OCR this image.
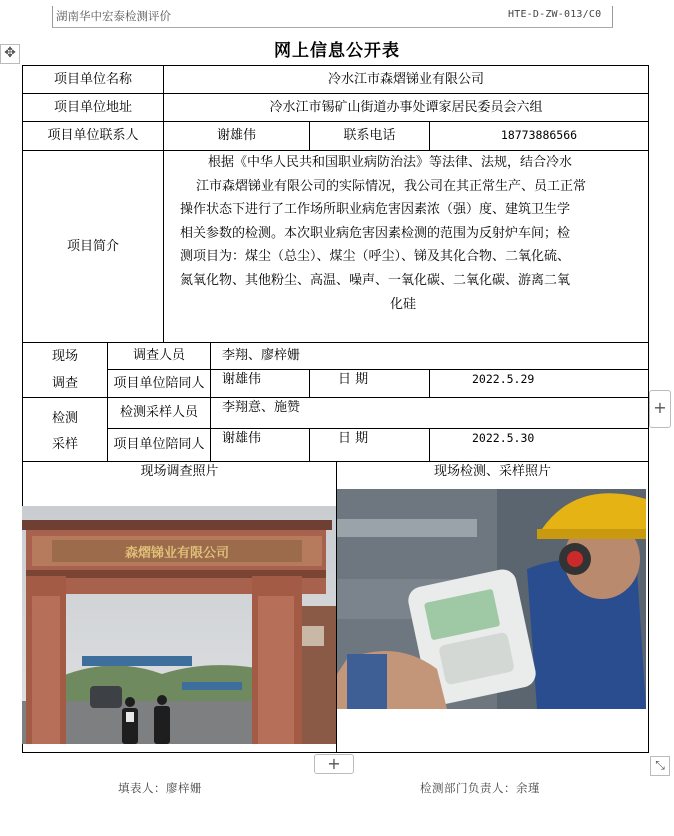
湖南华中宏泰检测评价	HTE-D-ZW-013/C0
网上信息公开表
✥
+
+	⤡
项目单位名称	冷水江市森熠锑业有限公司
项目单位地址	冷水江市锡矿山街道办事处谭家居民委员会六组
项目单位联系人	谢雄伟	联系电话	18773886566
项目简介

根据《中华人民共和国职业病防治法》等法律、法规，结合冷水

江市森熠锑业有限公司的实际情况，我公司在其正常生产、员工正常

操作状态下进行了工作场所职业病危害因素浓（强）度、建筑卫生学

相关参数的检测。本次职业病危害因素检测的范围为反射炉车间；检

测项目为：煤尘（总尘）、煤尘（呼尘）、锑及其化合物、二氧化硫、

氮氧化物、其他粉尘、高温、噪声、一氧化碳、二氧化碳、游离二氧

化硅

现场
调查
调查人员	李翔、廖梓姗
项目单位陪同人	谢雄伟	日 期	2022.5.29
检测
采样
检测采样人员	李翔意、施赞
项目单位陪同人	谢雄伟	日 期	2022.5.30
现场调查照片	现场检测、采样照片
森熠锑业有限公司
填表人：廖梓姗	检测部门负责人：余瑾
